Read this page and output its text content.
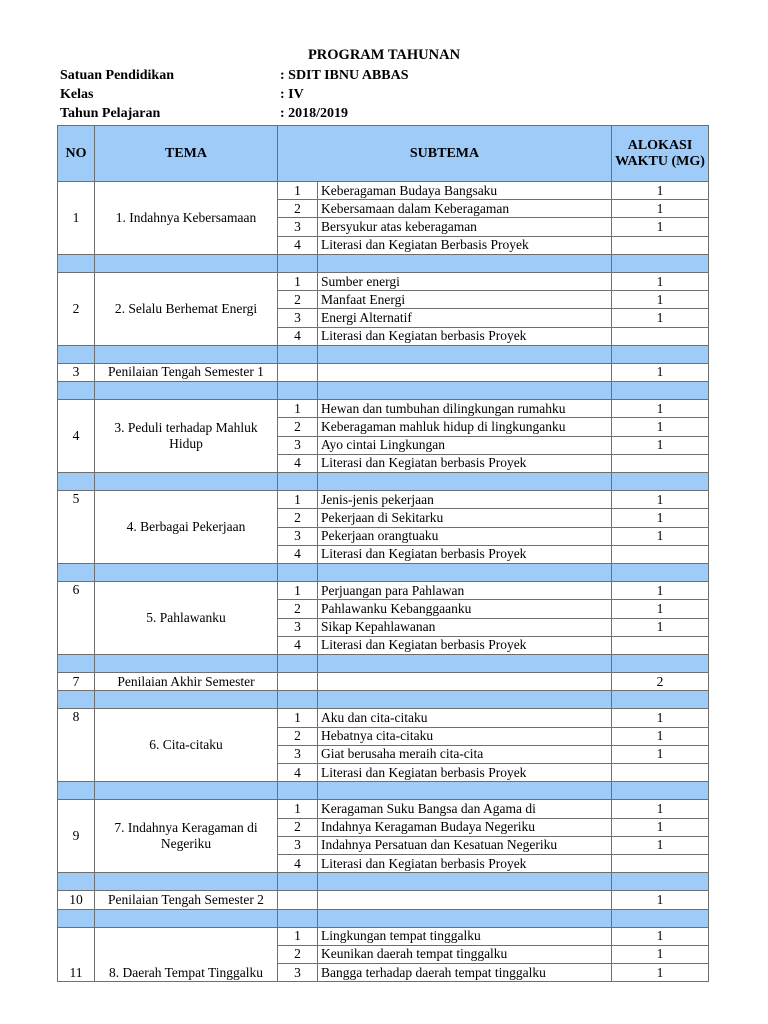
PROGRAM TAHUNAN
Satuan Pendidikan	: SDIT IBNU ABBAS
Kelas	: IV
Tahun Pelajaran	: 2018/2019
NO	TEMA	SUBTEMA		ALOKASI WAKTU (MG)
1	1. Indahnya Kebersamaan	1	Keberagaman Budaya Bangsaku	1
		2	Kebersamaan dalam Keberagaman	1
		3	Bersyukur atas keberagaman	1
		4	Literasi dan Kegiatan Berbasis Proyek	

2	2. Selalu Berhemat Energi	1	Sumber energi	1
		2	Manfaat Energi	1
		3	Energi Alternatif	1
		4	Literasi dan Kegiatan berbasis Proyek	

3	Penilaian Tengah Semester 1			1

4	3. Peduli terhadap Mahluk Hidup	1	Hewan dan tumbuhan dilingkungan rumahku	1
		2	Keberagaman mahluk hidup di lingkunganku	1
		3	Ayo cintai Lingkungan	1
		4	Literasi dan Kegiatan berbasis Proyek	

5	4. Berbagai Pekerjaan	1	Jenis-jenis pekerjaan	1
		2	Pekerjaan di Sekitarku	1
		3	Pekerjaan orangtuaku	1
		4	Literasi dan Kegiatan berbasis Proyek	

6	5. Pahlawanku	1	Perjuangan para Pahlawan	1
		2	Pahlawanku Kebanggaanku	1
		3	Sikap Kepahlawanan	1
		4	Literasi dan Kegiatan berbasis Proyek	

7	Penilaian Akhir Semester			2

8	6. Cita-citaku	1	Aku dan cita-citaku	1
		2	Hebatnya cita-citaku	1
		3	Giat berusaha meraih cita-cita	1
		4	Literasi dan Kegiatan berbasis Proyek	

9	7. Indahnya Keragaman di Negeriku	1	Keragaman Suku Bangsa dan Agama di	1
		2	Indahnya Keragaman Budaya Negeriku	1
		3	Indahnya Persatuan dan Kesatuan Negeriku	1
		4	Literasi dan Kegiatan berbasis Proyek	

10	Penilaian Tengah Semester 2			1

11	8. Daerah Tempat Tinggalku	1	Lingkungan tempat tinggalku	1
		2	Keunikan daerah tempat tinggalku	1
		3	Bangga terhadap daerah tempat tinggalku	1
